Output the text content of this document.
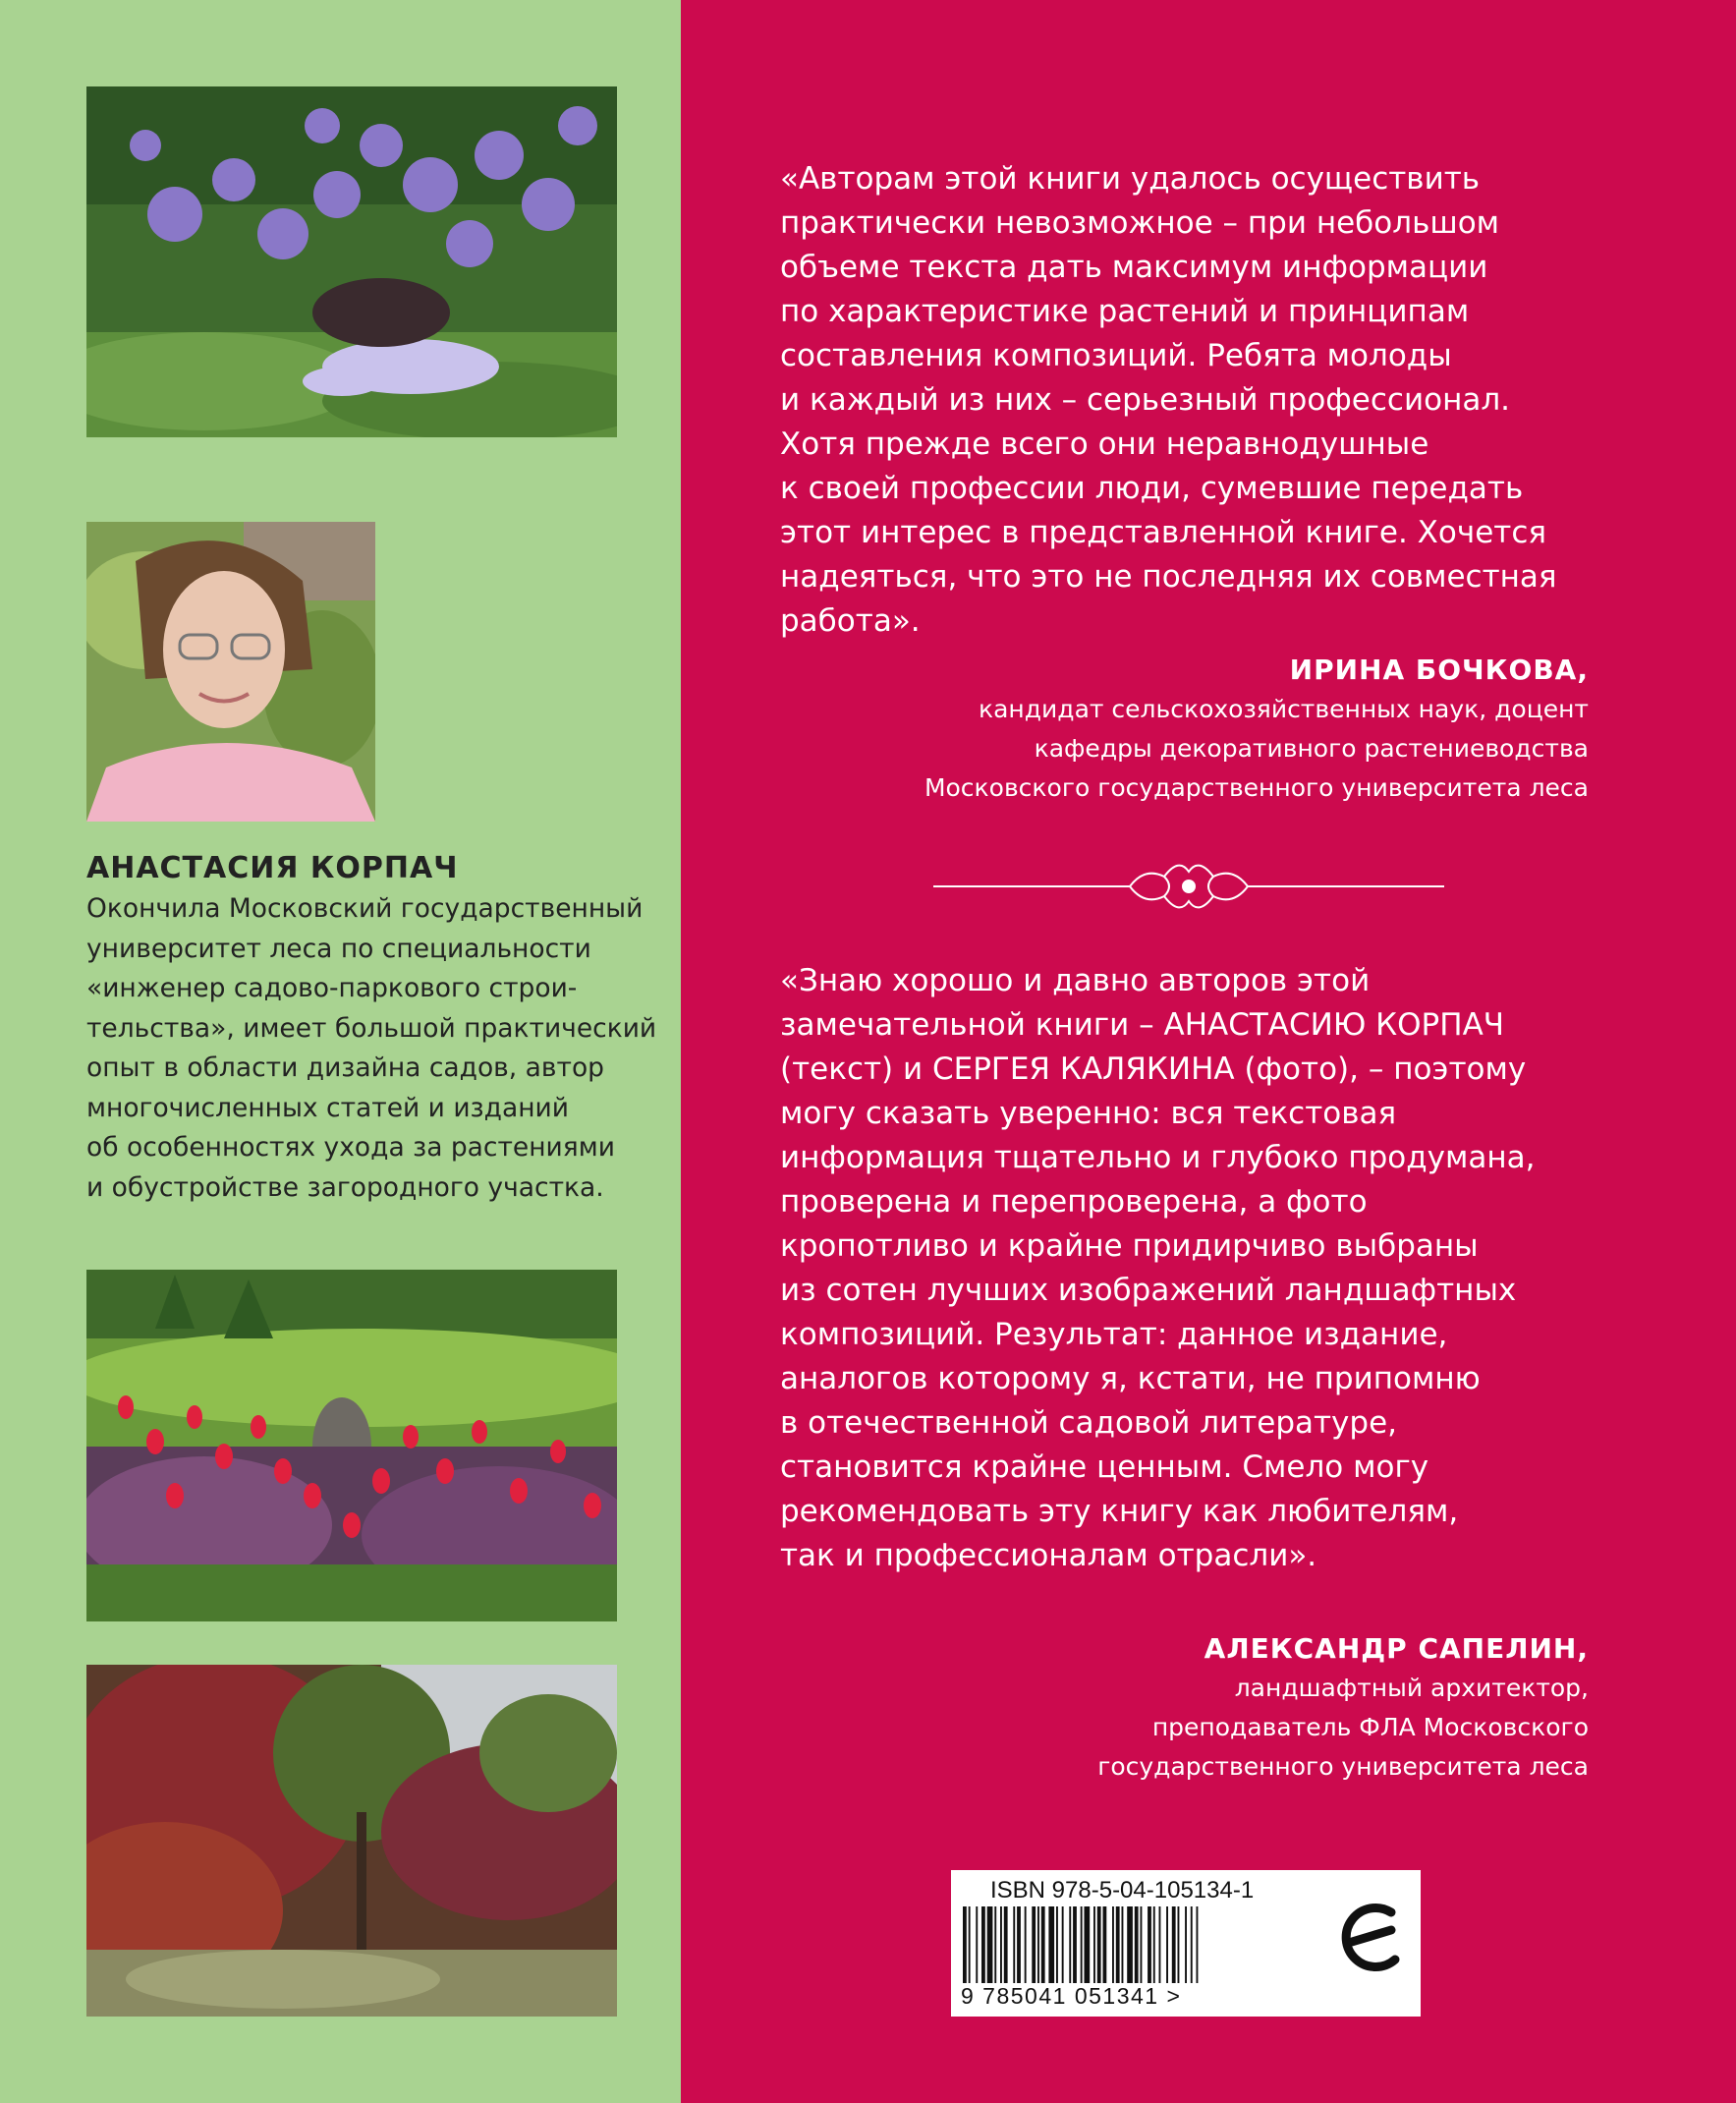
АНАСТАСИЯ КОРПАЧ
Окончила Московский государственный
университет леса по специальности
«инженер садово-паркового строи-
тельства», имеет большой практический
опыт в области дизайна садов, автор
многочисленных статей и изданий
об особенностях ухода за растениями
и обустройстве загородного участка.
«Авторам этой книги удалось осуществить
практически невозможное – при небольшом
объеме текста дать максимум информации
по характеристике растений и принципам
составления композиций. Ребята молоды
и каждый из них – серьезный профессионал.
Хотя прежде всего они неравнодушные
к своей профессии люди, сумевшие передать
этот интерес в представленной книге. Хочется
надеяться, что это не последняя их совместная
работа».
ИРИНА БОЧКОВА,
кандидат сельскохозяйственных наук, доцент
кафедры декоративного растениеводства
Московского государственного университета леса
«Знаю хорошо и давно авторов этой
замечательной книги – АНАСТАСИЮ КОРПАЧ
(текст) и СЕРГЕЯ КАЛЯКИНА (фото), – поэтому
могу сказать уверенно: вся текстовая
информация тщательно и глубоко продумана,
проверена и перепроверена, а фото
кропотливо и крайне придирчиво выбраны
из сотен лучших изображений ландшафтных
композиций. Результат: данное издание,
аналогов которому я, кстати, не припомню
в отечественной садовой литературе,
становится крайне ценным. Смело могу
рекомендовать эту книгу как любителям,
так и профессионалам отрасли».
АЛЕКСАНДР САПЕЛИН,
ландшафтный архитектор,
преподаватель ФЛА Московского
государственного университета леса
ISBN 978-5-04-105134-1
9 785041 051341 >
